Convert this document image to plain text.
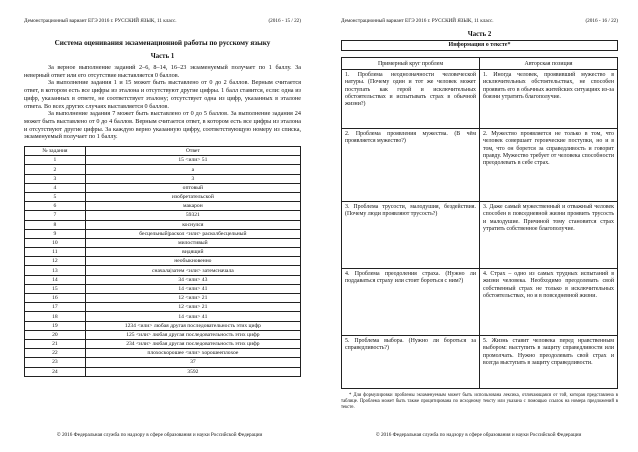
Демонстрационный вариант ЕГЭ 2016 г. РУССКИЙ ЯЗЫК, 11 класс.	(2016 - 15 / 22)
Система оценивания экзаменационной работы по русскому языку
Часть 1

За верное выполнение заданий 2–6, 8–14, 16–23 экзаменуемый получает по 1 баллу. За неверный ответ или его отсутствие выставляется 0 баллов.

За выполнение задания 1 и 15 может быть выставлено от 0 до 2 баллов. Верным считается ответ, в котором есть все цифры из эталона и отсутствуют другие цифры. 1 балл ставится, если: одна из цифр, указанных в ответе, не соответствует эталону; отсутствует одна из цифр, указанных в эталоне ответа. Во всех других случаях выставляется 0 баллов.

За выполнение задания 7 может быть выставлено от 0 до 5 баллов. За выполнение задания 24 может быть выставлено от 0 до 4 баллов. Верным считается ответ, в котором есть все цифры из эталона и отсутствуют другие цифры. За каждую верно указанную цифру, соответствующую номеру из списка, экзаменуемый получает по 1 баллу.

№ задания	Ответ
1	15 <или> 51
2	а
3	3
4	оптовый
5	изобретательской
6	макарон
7	59321
8	коснулся
9	бесцельный|раскол <или> расколбесцельный
10	милостивый
11	видящий
12	необыкновенно
13	сначала|затем <или> затемсначала
14	34 <или> 43
15	14 <или> 41
16	12 <или> 21
17	12 <или> 21
18	14 <или> 41
19	1234 <или> любая другая последовательность этих цифр
20	125 <или> любая другая последовательность этих цифр
21	234 <или> любая другая последовательность этих цифр
22	плохоскорошее <или> хорошееплохое
23	37
24	3592
© 2016 Федеральная служба по надзору в сфере образования и науки Российской Федерации
Демонстрационный вариант ЕГЭ 2016 г. РУССКИЙ ЯЗЫК, 11 класс.	(2016 - 16 / 22)
Часть 2
Информация о тексте*
Примерный круг проблем	Авторская позиция
1. Проблема неоднозначности человеческой натуры. (Почему один и тот же человек может поступать как герой и исключительных обстоятельствах и испытывать страх в обычной жизни?)	1. Иногда человек, проявивший мужество в исключительных обстоятельствах, не способен проявить его в обычных житейских ситуациях из-за боязни утратить благополучие.
2. Проблема проявления мужества. (В чём проявляется мужество?)	2. Мужество проявляется не только в том, что человек совершает героические поступки, но и в том, что он борется за справедливость и говорит правду. Мужество требует от человека способности преодолевать в себе страх.
3. Проблема трусости, малодушия, бездействия. (Почему люди проявляют трусость?)	3. Даже самый мужественный и отважный человек способен в повседневной жизни проявить трусость и малодушие. Причиной тому становится страх утратить собственное благополучие.
4. Проблема преодоления страха. (Нужно ли поддаваться страху или стоит бороться с ним?)	4. Страх – одно из самых трудных испытаний в жизни человека. Необходимо преодолевать свой собственный страх не только в исключительных обстоятельствах, но и в повседневной жизни.
5. Проблема выбора. (Нужно ли бороться за справедливость?)	5. Жизнь ставит человека перед нравственным выбором: выступить в защиту справедливости или промолчать. Нужно преодолевать свой страх и всегда выступать в защиту справедливости.
* Для формулировки проблемы экзаменуемым может быть использована лексика, отличающаяся от той, которая представлена в таблице. Проблема может быть также процитирована по исходному тексту или указана с помощью ссылок на номера предложений в тексте.
© 2016 Федеральная служба по надзору в сфере образования и науки Российской Федерации
